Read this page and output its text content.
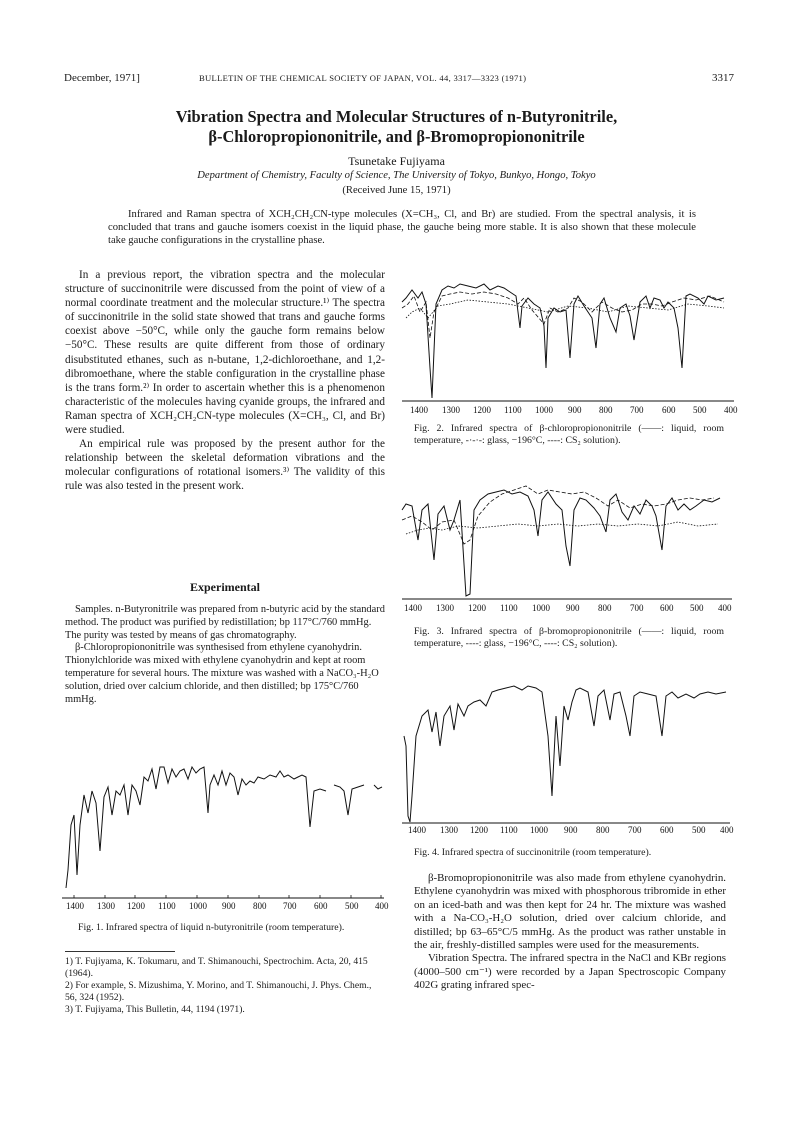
December, 1971]	BULLETIN OF THE CHEMICAL SOCIETY OF JAPAN, VOL. 44, 3317—3323 (1971)	3317
Vibration Spectra and Molecular Structures of n-Butyronitrile,
β-Chloropropiononitrile, and β-Bromopropiononitrile
Tsunetake Fujiyama
Department of Chemistry, Faculty of Science, The University of Tokyo, Bunkyo, Hongo, Tokyo
(Received June 15, 1971)
Infrared and Raman spectra of XCH₂CH₂CN-type molecules (X=CH₃, Cl, and Br) are studied. From the spectral analysis, it is concluded that trans and gauche isomers coexist in the liquid phase, the gauche being more stable. It is also shown that these molecule take gauche configurations in the crystalline phase.

In a previous report, the vibration spectra and the molecular structure of succinonitrile were discussed from the point of view of a normal coordinate treatment and the molecular structure.¹⁾ The spectra of succinonitrile in the solid state showed that trans and gauche forms coexist above −50°C, while only the gauche form remains below −50°C. These results are quite different from those of ordinary disubstituted ethanes, such as n-butane, 1,2-dichloroethane, and 1,2-dibromoethane, where the stable configuration in the crystalline phase is the trans form.²⁾ In order to ascertain whether this is a phenomenon characteristic of the molecules having cyanide groups, the infrared and Raman spectra of XCH₂CH₂CN-type molecules (X=CH₃, Cl, and Br) were studied.

An empirical rule was proposed by the present author for the relationship between the skeletal deformation vibrations and the molecular configurations of rotational isomers.³⁾ The validity of this rule was also tested in the present work.

Experimental

Samples. n-Butyronitrile was prepared from n-butyric acid by the standard method. The product was purified by redistillation; bp 117°C/760 mmHg. The purity was tested by means of gas chromatography.

β-Chloropropiononitrile was synthesised from ethylene cyanohydrin. Thionylchloride was mixed with ethylene cyanohydrin and kept at room temperature for several hours. The mixture was washed with a NaCO₃-H₂O solution, dried over calcium chloride, and then distilled; bp 175°C/760 mmHg.

1400 1300 1200 1100 1000 900 800 700 600 500 400
Fig. 1. Infrared spectra of liquid n-butyronitrile (room temperature).
1) T. Fujiyama, K. Tokumaru, and T. Shimanouchi, Spectrochim. Acta, 20, 415 (1964).
2) For example, S. Mizushima, Y. Morino, and T. Shimanouchi, J. Phys. Chem., 56, 324 (1952).
3) T. Fujiyama, This Bulletin, 44, 1194 (1971).
1400 1300 1200 1100 1000 900 800 700 600 500 400
Fig. 2. Infrared spectra of β-chloropropiononitrile (——: liquid, room temperature, -·-·-: glass, −196°C, ----: CS₂ solution).
1400 1300 1200 1100 1000 900 800 700 600 500 400
Fig. 3. Infrared spectra of β-bromopropiononitrile (——: liquid, room temperature, ----: glass, −196°C, ----: CS₂ solution).
1400 1300 1200 1100 1000 900 800 700 600 500 400
Fig. 4. Infrared spectra of succinonitrile (room temperature).

β-Bromopropiononitrile was also made from ethylene cyanohydrin. Ethylene cyanohydrin was mixed with phosphorous tribromide in ether on an iced-bath and was then kept for 24 hr. The mixture was washed with a Na-CO₃-H₂O solution, dried over calcium chloride, and distilled; bp 63–65°C/5 mmHg. As the product was rather unstable in the air, freshly-distilled samples were used for the measurements.

Vibration Spectra. The infrared spectra in the NaCl and KBr regions (4000–500 cm⁻¹) were recorded by a Japan Spectroscopic Company 402G grating infrared spec-
